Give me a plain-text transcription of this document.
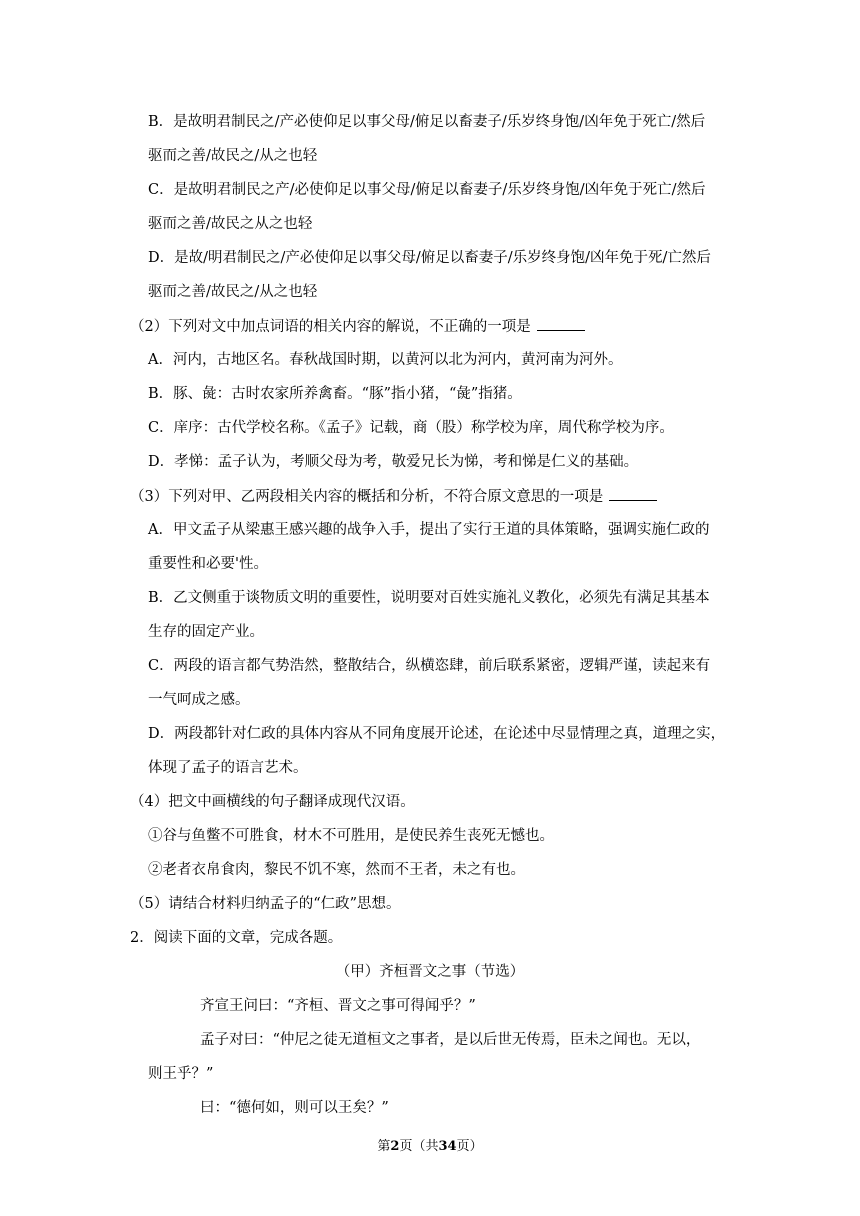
B．是故明君制民之/产必使仰足以事父母/俯足以畜妻子/乐岁终身饱/凶年免于死亡/然后
驱而之善/故民之/从之也轻
C．是故明君制民之产/必使仰足以事父母/俯足以畜妻子/乐岁终身饱/凶年免于死亡/然后
驱而之善/故民之从之也轻
D．是故/明君制民之/产必使仰足以事父母/俯足以畜妻子/乐岁终身饱/凶年免于死/亡然后
驱而之善/故民之/从之也轻
（2）下列对文中加点词语的相关内容的解说，不正确的一项是
A．河内，古地区名。春秋战国时期，以黄河以北为河内，黄河南为河外。
B．豚、彘：古时农家所养禽畜。“豚”指小猪，“彘”指猪。
C．庠序：古代学校名称。《孟子》记载，商（股）称学校为庠，周代称学校为序。
D．孝悌：孟子认为，考顺父母为考，敬爱兄长为悌，考和悌是仁义的基础。
（3）下列对甲、乙两段相关内容的概括和分析，不符合原文意思的一项是
A．甲文孟子从梁惠王感兴趣的战争入手，提出了实行王道的具体策略，强调实施仁政的
重要性和必要'性。
B．乙文侧重于谈物质文明的重要性，说明要对百姓实施礼义教化，必须先有满足其基本
生存的固定产业。
C．两段的语言都气势浩然，整散结合，纵横恣肆，前后联系紧密，逻辑严谨，读起来有
一气呵成之感。
D．两段都针对仁政的具体内容从不同角度展开论述，在论述中尽显情理之真，道理之实，
体现了孟子的语言艺术。
（4）把文中画横线的句子翻译成现代汉语。
①谷与鱼鳖不可胜食，材木不可胜用，是使民养生丧死无憾也。
②老者衣帛食肉，黎民不饥不寒，然而不王者，未之有也。
（5）请结合材料归纳孟子的“仁政”思想。
2．阅读下面的文章，完成各题。
（甲）齐桓晋文之事（节选）
齐宣王问曰：“齐桓、晋文之事可得闻乎？”
孟子对曰：“仲尼之徒无道桓文之事者，是以后世无传焉，臣未之闻也。无以，
则王乎？”
曰：“德何如，则可以王矣？”
第2页（共34页）
